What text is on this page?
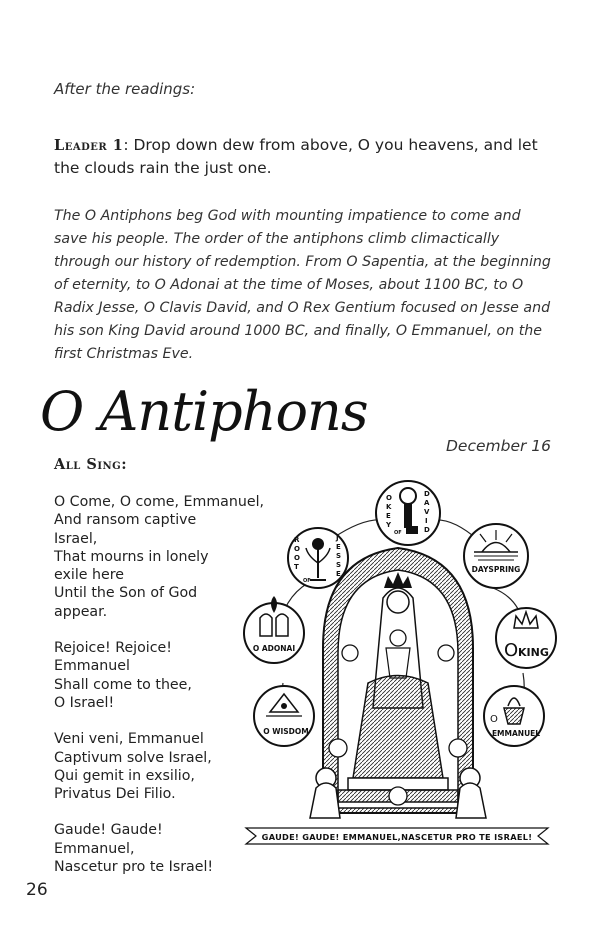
After the readings:
Leader 1: Drop down dew from above, O you heavens, and let the clouds rain the just one.
The O Antiphons beg God with mounting impatience to come and save his people. The order of the antiphons climb climactically through our history of redemption. From O Sapentia, at the beginning of eternity, to O Adonai at the time of Moses, about 1100 BC, to O Radix Jesse, O Clavis David, and O Rex Gentium focused on Jesse and his son King David around 1000 BC, and finally, O Emmanuel, on the first Christmas Eve.
O Antiphons
December 16
All Sing:
O Come, O come, Emmanuel,
And ransom captive
Israel,
That mourns in lonely
exile here
Until the Son of God
appear.
Rejoice! Rejoice!
Emmanuel
Shall come to thee,
O Israel!
Veni veni, Emmanuel
Captivum solve Israel,
Qui gemit in exsilio,
Privatus Dei Filio.
Gaude! Gaude!
Emmanuel,
Nascetur pro te Israel!
26
O
K
E
Y
OF
D
A
V
I
D
R
O
O
T
OF
J
E
S
S
E	DAYSPRING
O ADONAI	O KING
O WISDOM
O
EMMANUEL
GAUDE! GAUDE! EMMANUEL,NASCETUR PRO TE ISRAEL!
